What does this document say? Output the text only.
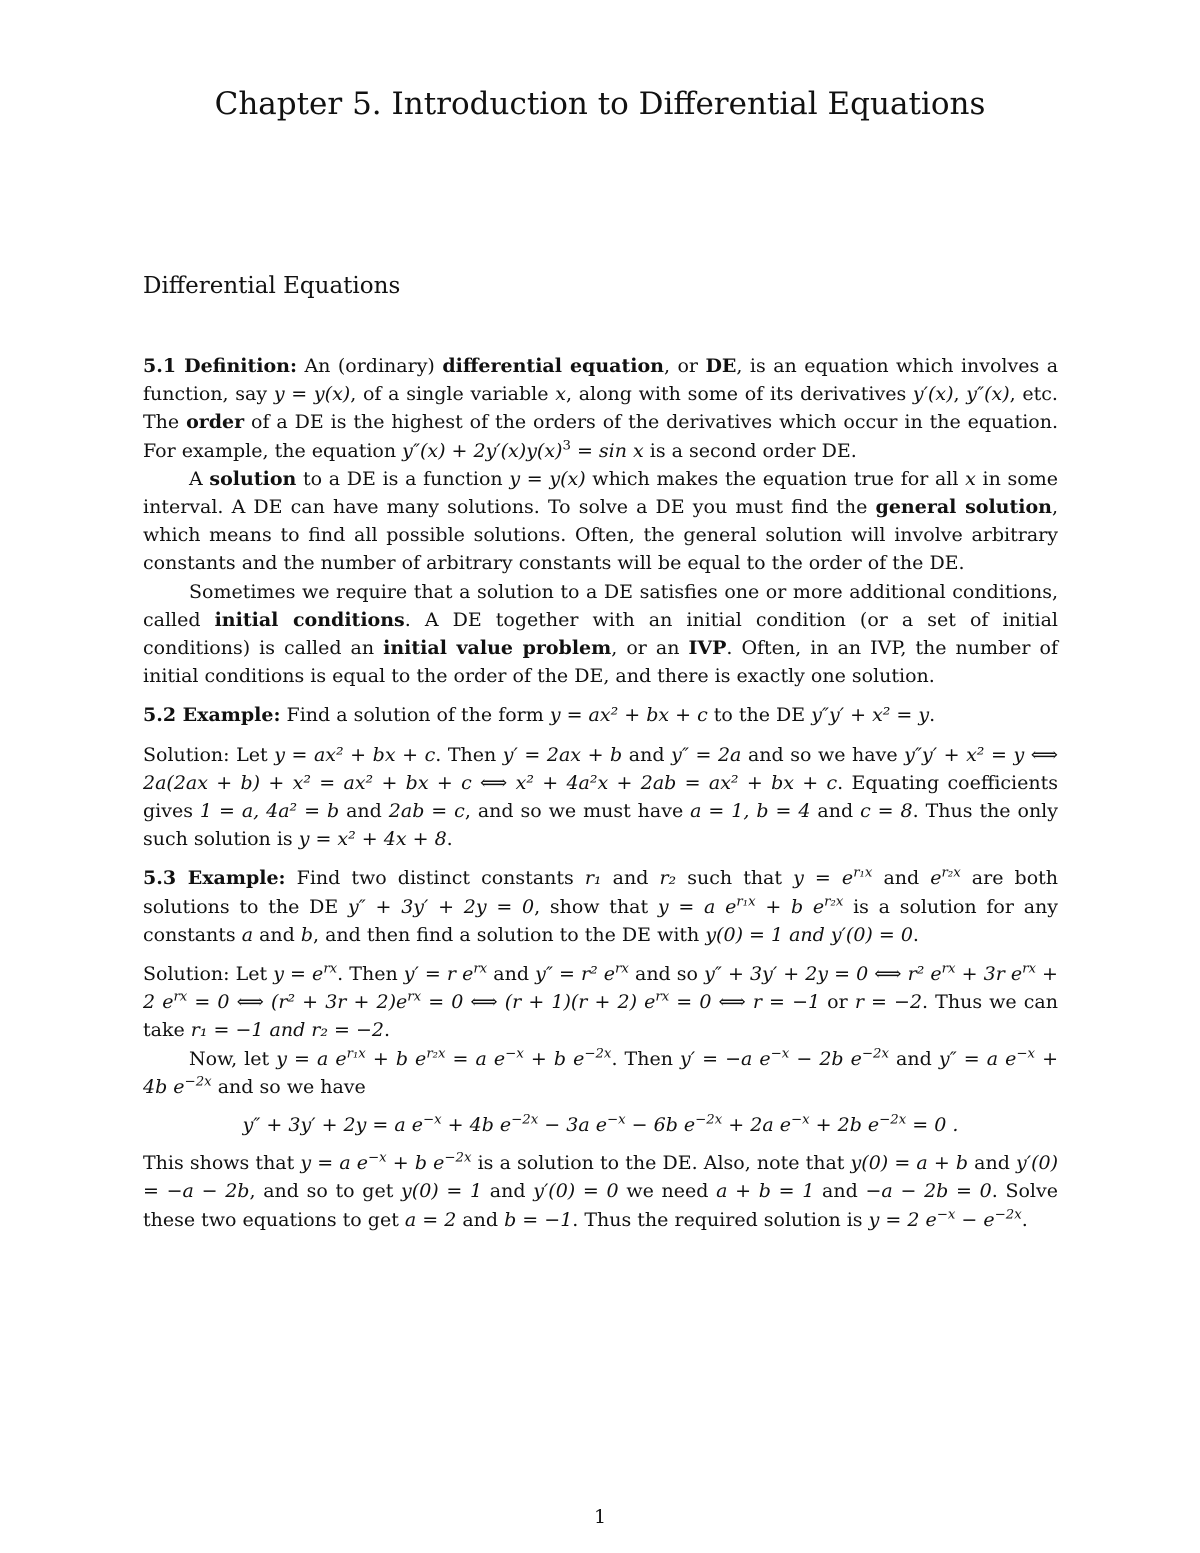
Chapter 5. Introduction to Differential Equations
Differential Equations

5.1 Definition: An (ordinary) differential equation, or DE, is an equation which involves a function, say y = y(x), of a single variable x, along with some of its derivatives y′(x), y″(x), etc. The order of a DE is the highest of the orders of the derivatives which occur in the equation. For example, the equation $y''(x) + 2y'(x)y(x)^3 = \sin x$ is a second order DE.

A solution to a DE is a function y = y(x) which makes the equation true for all x in some interval. A DE can have many solutions. To solve a DE you must find the general solution, which means to find all possible solutions. Often, the general solution will involve arbitrary constants and the number of arbitrary constants will be equal to the order of the DE.

Sometimes we require that a solution to a DE satisfies one or more additional conditions, called initial conditions. A DE together with an initial condition (or a set of initial conditions) is called an initial value problem, or an IVP. Often, in an IVP, the number of initial conditions is equal to the order of the DE, and there is exactly one solution.

5.2 Example: Find a solution of the form y = ax² + bx + c to the DE y″y′ + x² = y.

Solution: Let y = ax² + bx + c. Then y′ = 2ax + b and y″ = 2a and so we have y″y′ + x² = y ⟺ 2a(2ax + b) + x² = ax² + bx + c ⟺ x² + 4a²x + 2ab = ax² + bx + c. Equating coefficients gives 1 = a, 4a² = b and 2ab = c, and so we must have a = 1, b = 4 and c = 8. Thus the only such solution is y = x² + 4x + 8.

5.3 Example: Find two distinct constants r₁ and r₂ such that $y = e^{r_1x}$ and $e^{r_2x}$ are both solutions to the DE y″ + 3y′ + 2y = 0, show that y = a $e^{r_1x} + b$ $e^{r_2x}$ is a solution for any constants a and b, and then find a solution to the DE with y(0) = 1 and y′(0) = 0.

Solution: Let $y = e^{rx}$. Then y′ = r $e^{rx}$ and y″ = r² $e^{rx}$ and so y″ + 3y′ + 2y = 0 ⟺ r² $e^{rx} + 3r$ $e^{rx} + 2$ $e^{rx} = 0$ ⟺ $(r^2 + 3r + 2)e^{rx} = 0$ ⟺ (r + 1)(r + 2) $e^{rx} = 0$ ⟺ r = −1 or r = −2. Thus we can take r₁ = −1 and r₂ = −2.

Now, let y = a $e^{r_1x} + b$ $e^{r_2x} = a$ $e^{-x} + b$ $e^{-2x}$. Then y′ = −a $e^{-x} - 2b$ $e^{-2x}$ and y″ = a $e^{-x} + 4b$ $e^{-2x}$ and so we have

y″ + 3y′ + 2y = a $e^{-x} + 4b$ $e^{-2x} - 3a$ $e^{-x} - 6b$ $e^{-2x} + 2a$ $e^{-x} + 2b$ $e^{-2x} = 0$ .

This shows that y = a $e^{-x} + b$ $e^{-2x}$ is a solution to the DE. Also, note that y(0) = a + b and y′(0) = −a − 2b, and so to get y(0) = 1 and y′(0) = 0 we need a + b = 1 and −a − 2b = 0. Solve these two equations to get a = 2 and b = −1. Thus the required solution is y = 2 $e^{-x} - e^{-2x}$.

1
